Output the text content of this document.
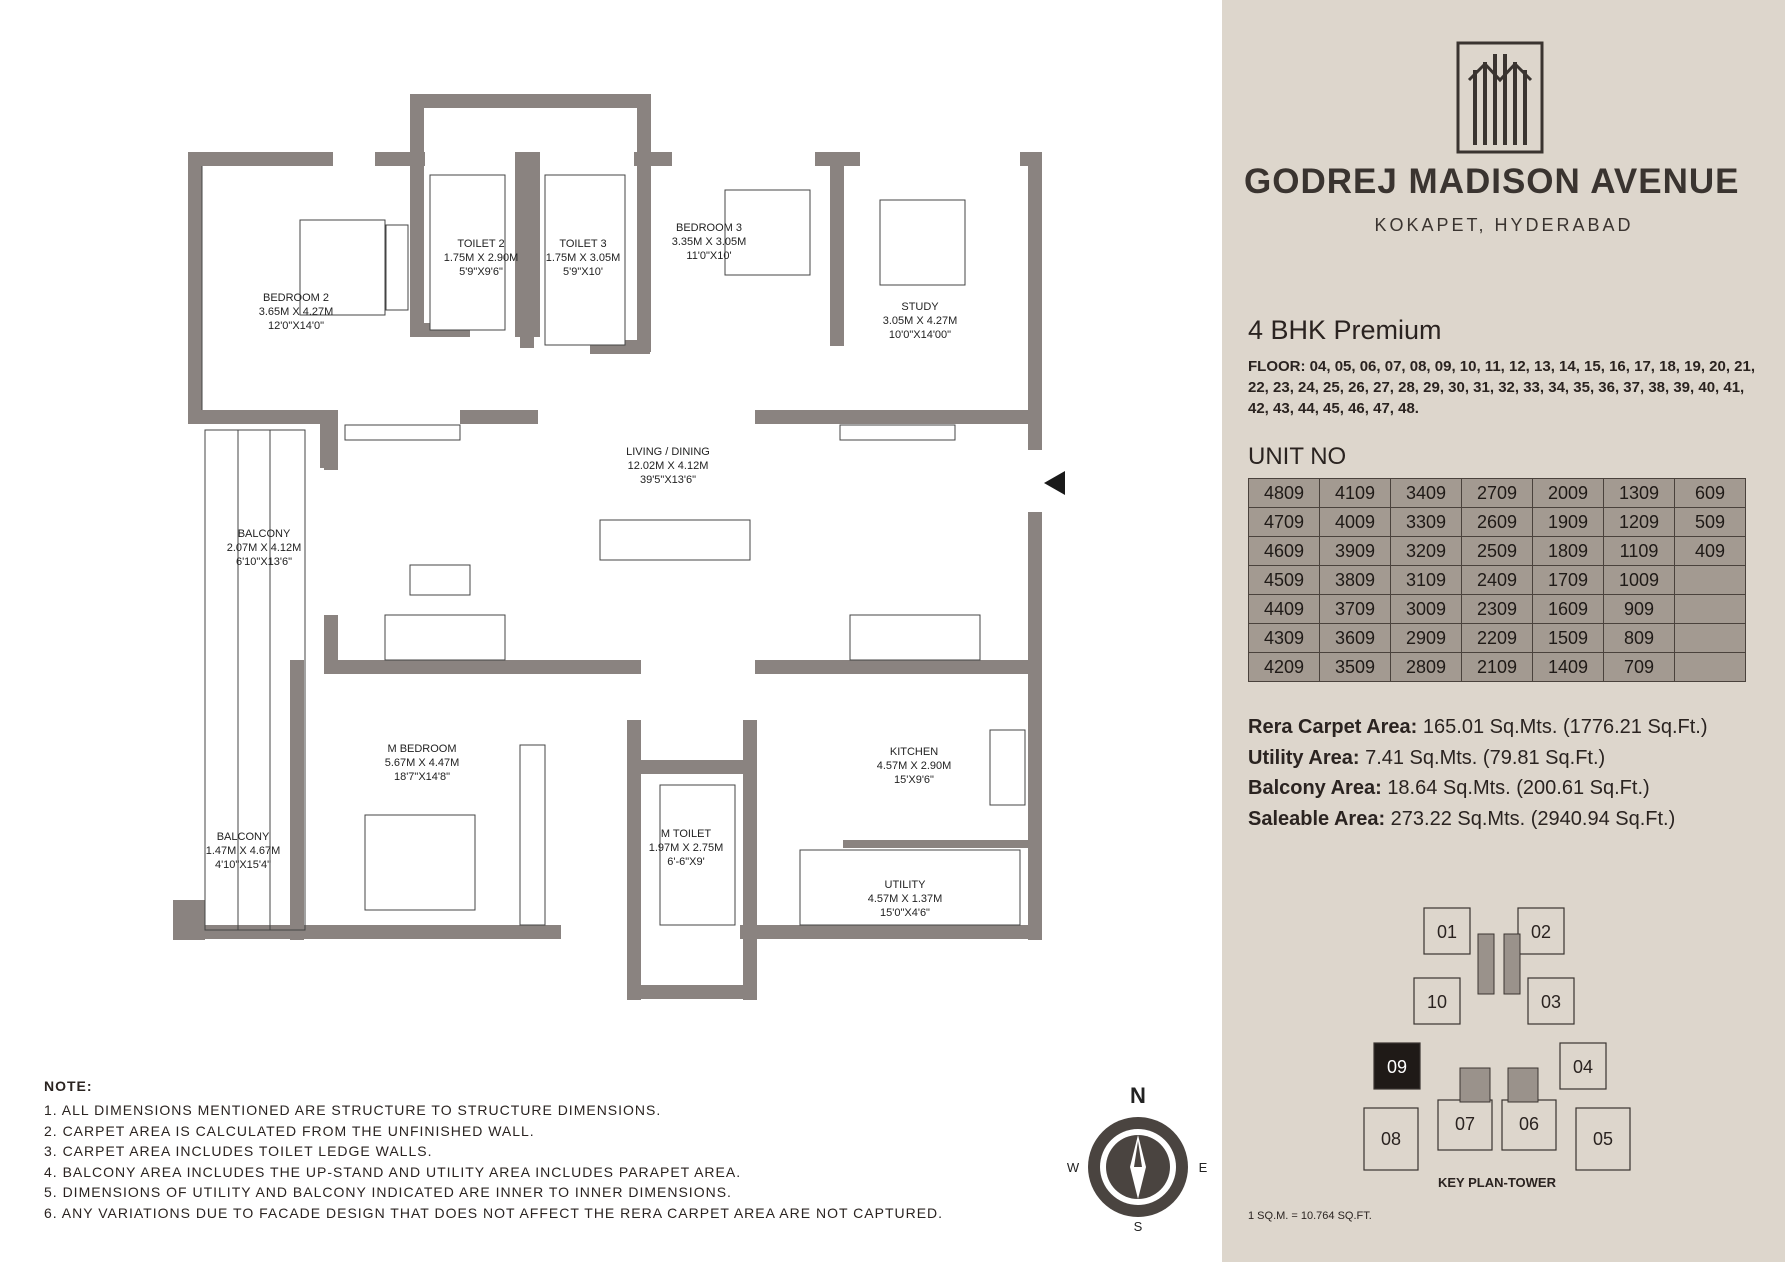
TOILET 2
1.75M X 2.90M
5'9"X9'6"
TOILET 3
1.75M X 3.05M
5'9"X10'
BEDROOM 3
3.35M X 3.05M
11'0"X10'
BEDROOM 2
3.65M X 4.27M
12'0"X14'0"
STUDY
3.05M X 4.27M
10'0"X14'00"
LIVING / DINING
12.02M X 4.12M
39'5"X13'6"
BALCONY
2.07M X 4.12M
6'10"X13'6"
M BEDROOM
5.67M X 4.47M
18'7"X14'8"
KITCHEN
4.57M X 2.90M
15'X9'6"
BALCONY
1.47M X 4.67M
4'10"X15'4"
M TOILET
1.97M X 2.75M
6'-6"X9'
UTILITY
4.57M X 1.37M
15'0"X4'6"
N
S
W	E
NOTE:
1. ALL DIMENSIONS MENTIONED ARE STRUCTURE TO STRUCTURE DIMENSIONS.
2. CARPET AREA IS CALCULATED FROM THE UNFINISHED WALL.
3. CARPET AREA INCLUDES TOILET LEDGE WALLS.
4. BALCONY AREA INCLUDES THE UP-STAND AND UTILITY AREA INCLUDES PARAPET AREA.
5. DIMENSIONS OF UTILITY AND BALCONY INDICATED ARE INNER TO INNER DIMENSIONS.
6. ANY VARIATIONS DUE TO FACADE DESIGN THAT DOES NOT AFFECT THE RERA CARPET AREA ARE NOT CAPTURED.
GODREJ MADISON AVENUE
KOKAPET, HYDERABAD
4 BHK Premium
FLOOR: 04, 05, 06, 07, 08, 09, 10, 11, 12, 13, 14, 15, 16, 17, 18, 19, 20, 21, 22, 23, 24, 25, 26, 27, 28, 29, 30, 31, 32, 33, 34, 35, 36, 37, 38, 39, 40, 41, 42, 43, 44, 45, 46, 47, 48.
UNIT NO
4809	4109	3409	2709	2009	1309	609
4709	4009	3309	2609	1909	1209	509
4609	3909	3209	2509	1809	1109	409
4509	3809	3109	2409	1709	1009	
4409	3709	3009	2309	1609	909	
4309	3609	2909	2209	1509	809	
4209	3509	2809	2109	1409	709	
Rera Carpet Area: 165.01 Sq.Mts. (1776.21 Sq.Ft.)
Utility Area: 7.41 Sq.Mts. (79.81 Sq.Ft.)
Balcony Area: 18.64 Sq.Mts. (200.61 Sq.Ft.)
Saleable Area: 273.22 Sq.Mts. (2940.94 Sq.Ft.)
01	02
10	03
09	04
08
07 06
05
KEY PLAN-TOWER
1 SQ.M. = 10.764 SQ.FT.
